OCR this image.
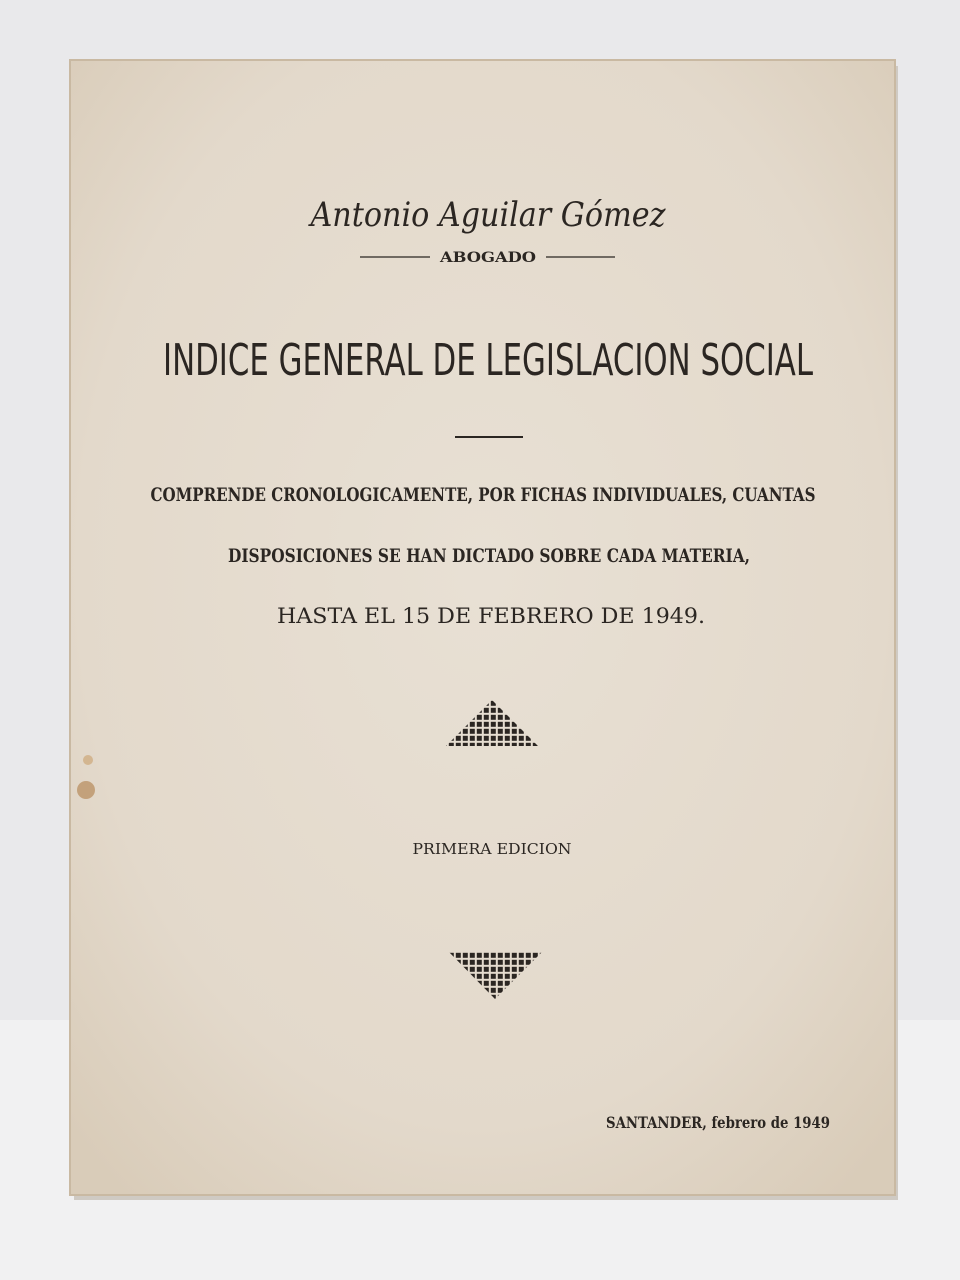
Antonio Aguilar Gómez
ABOGADO
INDICE GENERAL DE LEGISLACION SOCIAL
COMPRENDE CRONOLOGICAMENTE, POR FICHAS INDIVIDUALES, CUANTAS
DISPOSICIONES SE HAN DICTADO SOBRE CADA MATERIA,
HASTA EL 15 DE FEBRERO DE 1949.
PRIMERA EDICION
SANTANDER, febrero de 1949
